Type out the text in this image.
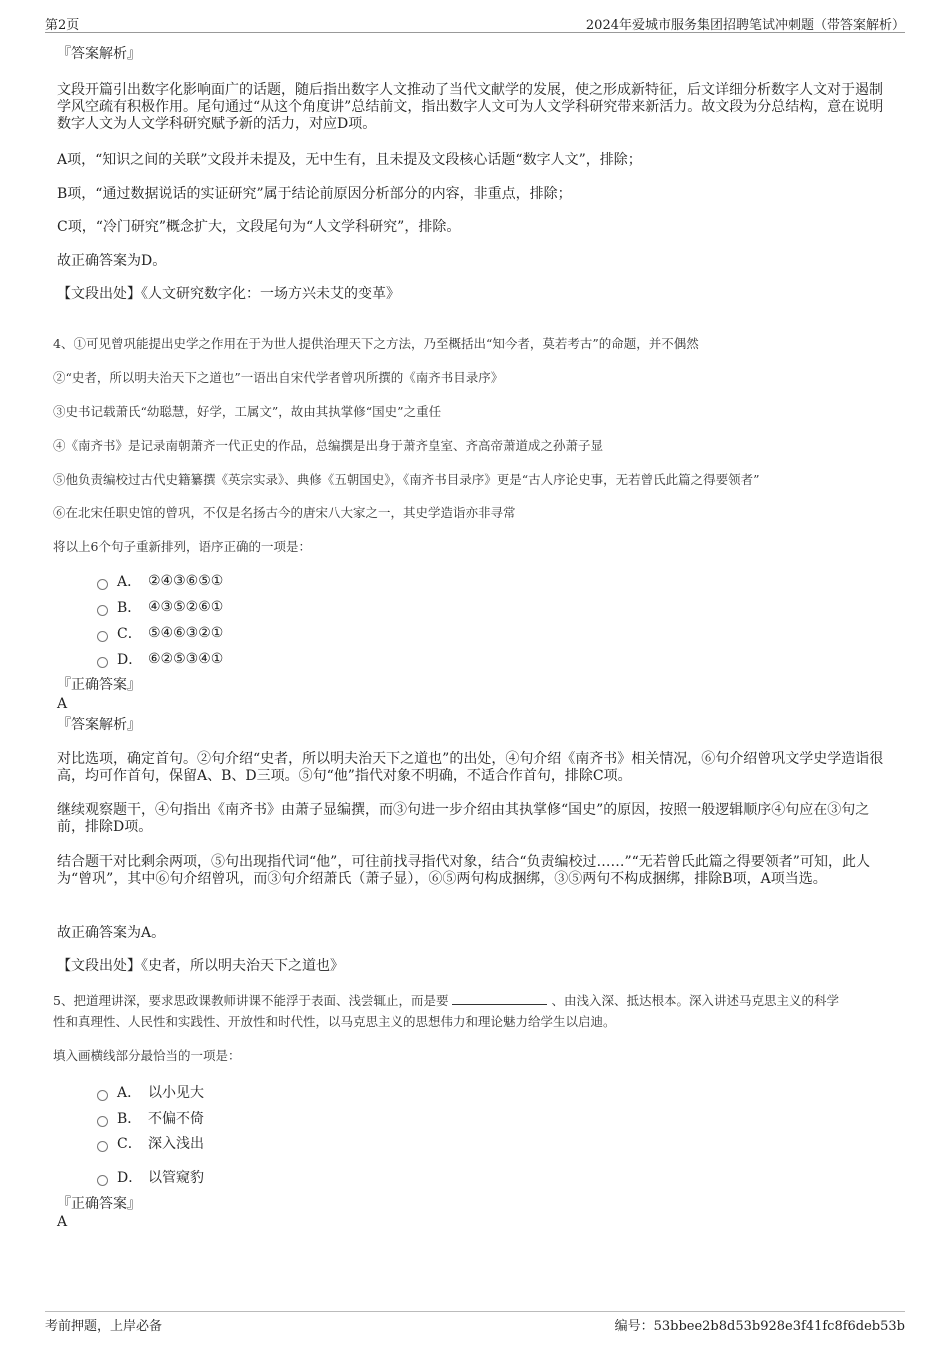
第2页	2024年爱城市服务集团招聘笔试冲刺题（带答案解析）
『答案解析』

文段开篇引出数字化影响面广的话题，随后指出数字人文推动了当代文献学的发展，使之形成新特征，后文详细分析数字人文对于遏制学风空疏有积极作用。尾句通过“从这个角度讲”总结前文，指出数字人文可为人文学科研究带来新活力。故文段为分总结构，意在说明数字人文为人文学科研究赋予新的活力，对应D项。

A项，“知识之间的关联”文段并未提及，无中生有，且未提及文段核心话题“数字人文”，排除；

B项，“通过数据说话的实证研究”属于结论前原因分析部分的内容，非重点，排除；

C项，“冷门研究”概念扩大，文段尾句为“人文学科研究”，排除。

故正确答案为D。

【文段出处】《人文研究数字化：一场方兴未艾的变革》

4、①可见曾巩能提出史学之作用在于为世人提供治理天下之方法，乃至概括出“知今者，莫若考古”的命题，并不偶然
②“史者，所以明夫治天下之道也”一语出自宋代学者曾巩所撰的《南齐书目录序》
③史书记载萧氏“幼聪慧，好学，工属文”，故由其执掌修“国史”之重任
④《南齐书》是记录南朝萧齐一代正史的作品，总编撰是出身于萧齐皇室、齐高帝萧道成之孙萧子显
⑤他负责编校过古代史籍纂撰《英宗实录》、典修《五朝国史》，《南齐书目录序》更是“古人序论史事，无若曾氏此篇之得要领者”
⑥在北宋任职史馆的曾巩，不仅是名扬古今的唐宋八大家之一，其史学造诣亦非寻常
将以上6个句子重新排列，语序正确的一项是：
A． ②④③⑥⑤①
B． ④③⑤②⑥①
C． ⑤④⑥③②①
D． ⑥②⑤③④①
『正确答案』
A
『答案解析』

对比选项，确定首句。②句介绍“史者，所以明夫治天下之道也”的出处，④句介绍《南齐书》相关情况，⑥句介绍曾巩文学史学造诣很高，均可作首句，保留A、B、D三项。⑤句“他”指代对象不明确，不适合作首句，排除C项。

继续观察题干，④句指出《南齐书》由萧子显编撰，而③句进一步介绍由其执掌修“国史”的原因，按照一般逻辑顺序④句应在③句之前，排除D项。

结合题干对比剩余两项，⑤句出现指代词“他”，可往前找寻指代对象，结合“负责编校过……”“无若曾氏此篇之得要领者”可知，此人为“曾巩”，其中⑥句介绍曾巩，而③句介绍萧氏（萧子显），⑥⑤两句构成捆绑，③⑤两句不构成捆绑，排除B项，A项当选。

故正确答案为A。

【文段出处】《史者，所以明夫治天下之道也》

5、把道理讲深，要求思政课教师讲课不能浮于表面、浅尝辄止，而是要	、由浅入深、抵达根本。深入讲述马克思主义的科学

性和真理性、人民性和实践性、开放性和时代性，以马克思主义的思想伟力和理论魅力给学生以启迪。

填入画横线部分最恰当的一项是：
A． 以小见大
B． 不偏不倚
C． 深入浅出
D． 以管窥豹
『正确答案』
A
考前押题，上岸必备	编号：53bbee2b8d53b928e3f41fc8f6deb53b
